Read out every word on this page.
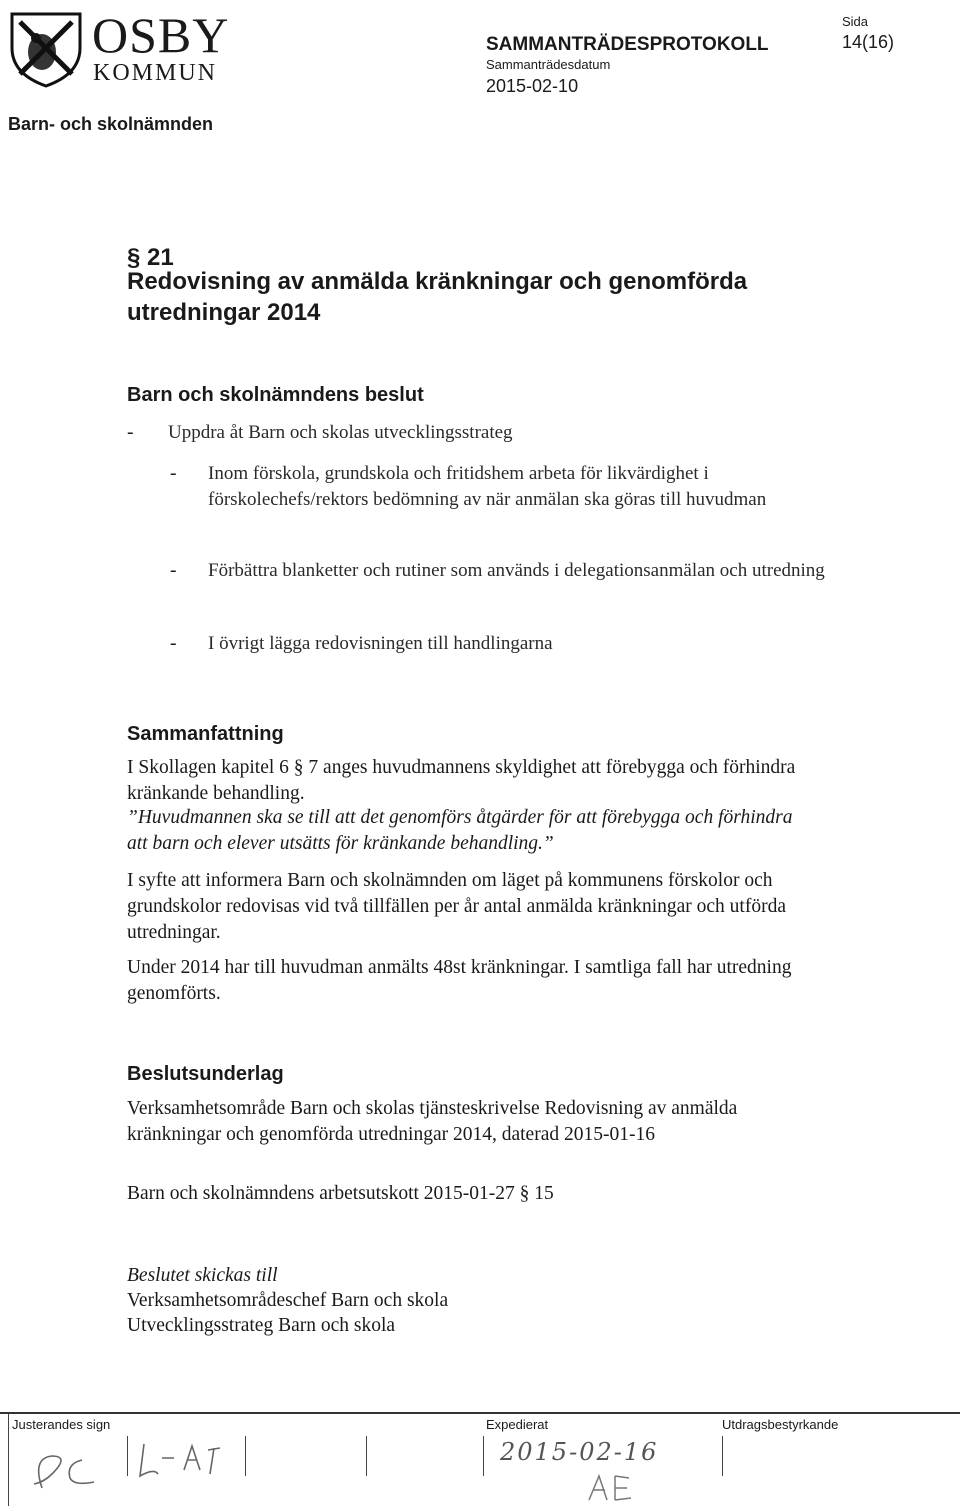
OSBY
KOMMUN
SAMMANTRÄDESPROTOKOLL
Sammanträdesdatum
2015-02-10
Sida
14(16)
Barn- och skolnämnden
§ 21
Redovisning av anmälda kränkningar och genomförda utredningar 2014
Barn och skolnämndens beslut
- Uppdra åt Barn och skolas utvecklingsstrateg
- Inom förskola, grundskola och fritidshem arbeta för likvärdighet i förskolechefs/rektors bedömning av när anmälan ska göras till huvudman
- Förbättra blanketter och rutiner som används i delegationsanmälan och utredning
- I övrigt lägga redovisningen till handlingarna
Sammanfattning
I Skollagen kapitel 6 § 7 anges huvudmannens skyldighet att förebygga och förhindra kränkande behandling.
”Huvudmannen ska se till att det genomförs åtgärder för att förebygga och förhindra att barn och elever utsätts för kränkande behandling.”
I syfte att informera Barn och skolnämnden om läget på kommunens förskolor och grundskolor redovisas vid två tillfällen per år antal anmälda kränkningar och utförda utredningar.
Under 2014 har till huvudman anmälts 48st kränkningar. I samtliga fall har utredning genomförts.
Beslutsunderlag
Verksamhetsområde Barn och skolas tjänsteskrivelse Redovisning av anmälda kränkningar och genomförda utredningar 2014, daterad 2015-01-16
Barn och skolnämndens arbetsutskott 2015-01-27 § 15
Beslutet skickas till
Verksamhetsområdeschef Barn och skola
Utvecklingsstrateg Barn och skola
Justerandes sign	Expedierat	Utdragsbestyrkande
2015-02-16
